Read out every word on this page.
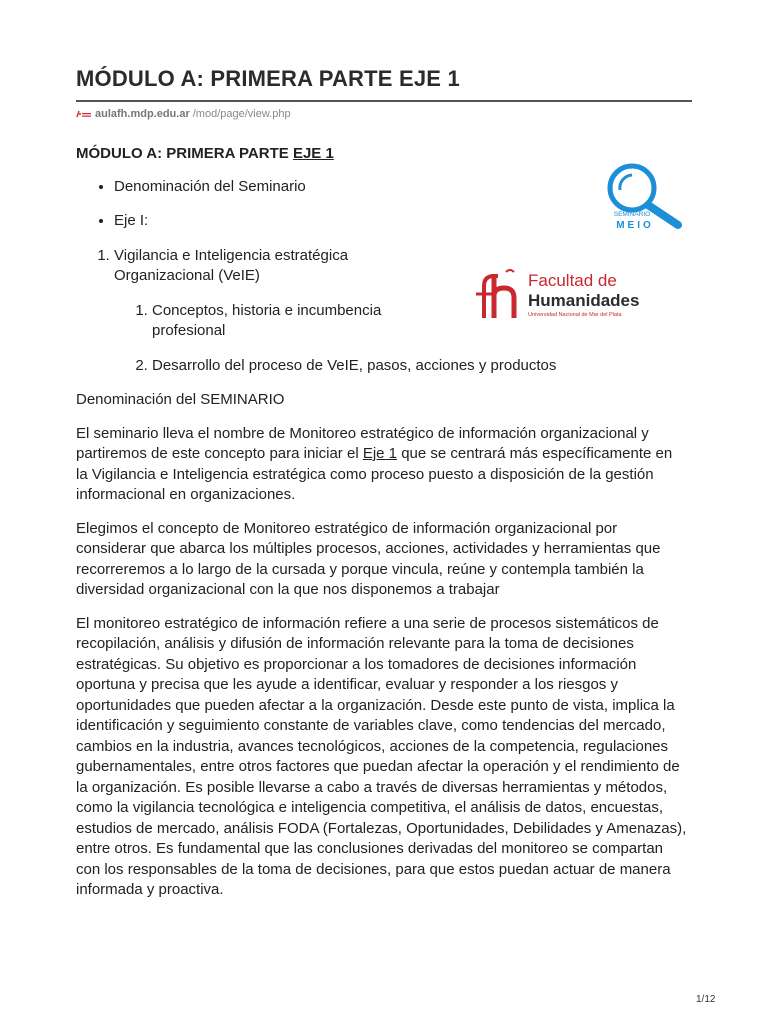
MÓDULO A: PRIMERA PARTE EJE 1
aulafh.mdp.edu.ar /mod/page/view.php
MÓDULO A: PRIMERA PARTE EJE 1
• Denominación del Seminario
• Eje I:
1. Vigilancia e Inteligencia estratégica Organizacional (VeIE)
1. Conceptos, historia e incumbencia profesional
2. Desarrollo del proceso de VeIE, pasos, acciones y productos

Denominación del SEMINARIO

El seminario lleva el nombre de Monitoreo estratégico de información organizacional y partiremos de este concepto para iniciar el Eje 1 que se centrará más específicamente en la Vigilancia e Inteligencia estratégica como proceso puesto a disposición de la gestión informacional en organizaciones.

Elegimos el concepto de Monitoreo estratégico de información organizacional por considerar que abarca los múltiples procesos, acciones, actividades y herramientas que recorreremos a lo largo de la cursada y porque vincula, reúne y contempla también la diversidad organizacional con la que nos disponemos a trabajar

El monitoreo estratégico de información refiere a una serie de procesos sistemáticos de recopilación, análisis y difusión de información relevante para la toma de decisiones estratégicas. Su objetivo es proporcionar a los tomadores de decisiones información oportuna y precisa que les ayude a identificar, evaluar y responder a los riesgos y oportunidades que pueden afectar a la organización. Desde este punto de vista, implica la identificación y seguimiento constante de variables clave, como tendencias del mercado, cambios en la industria, avances tecnológicos, acciones de la competencia, regulaciones gubernamentales, entre otros factores que puedan afectar la operación y el rendimiento de la organización. Es posible llevarse a cabo a través de diversas herramientas y métodos, como la vigilancia tecnológica e inteligencia competitiva, el análisis de datos, encuestas, estudios de mercado, análisis FODA (Fortalezas, Oportunidades, Debilidades y Amenazas), entre otros. Es fundamental que las conclusiones derivadas del monitoreo se compartan con los responsables de la toma de decisiones, para que estos puedan actuar de manera informada y proactiva.

SEMINARIO
MEIO
Facultad de
Humanidades
Universidad Nacional de Mar del Plata
1/12
